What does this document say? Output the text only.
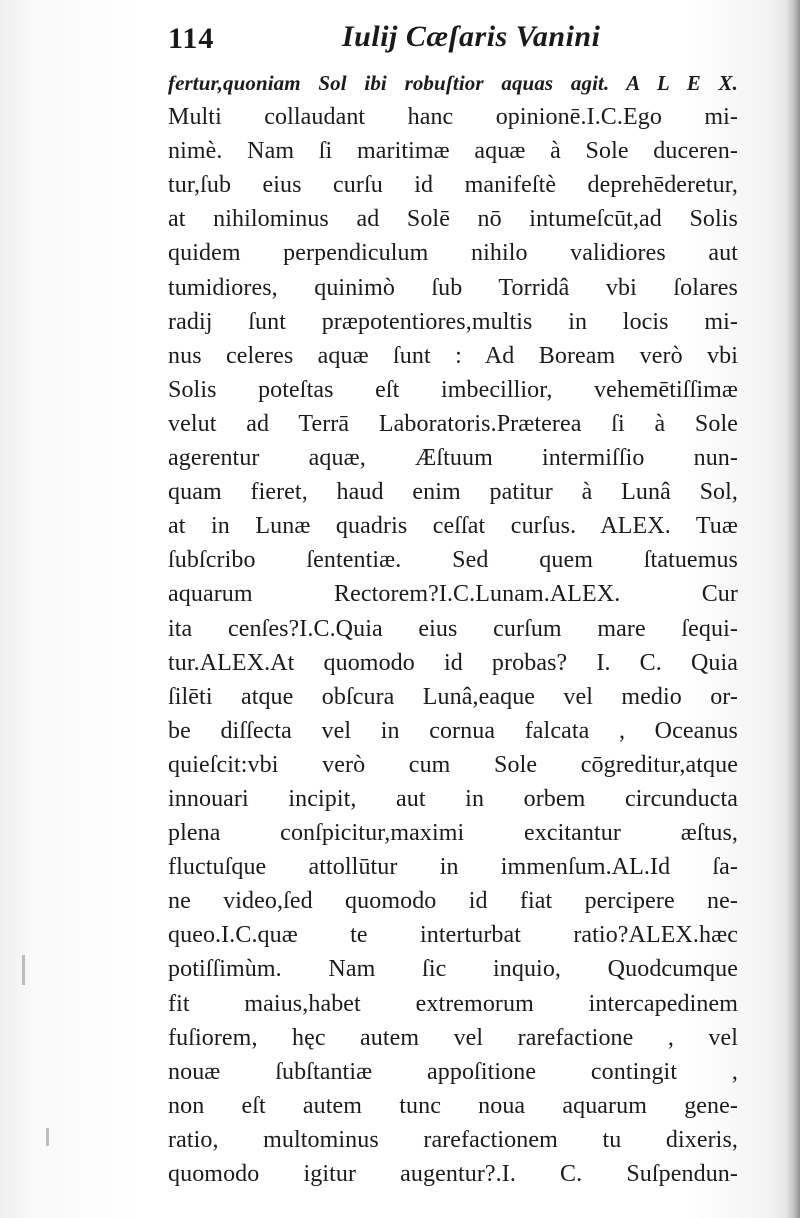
114	Iulij Cæſaris Vanini
fertur,quoniam Sol ibi robuſtior aquas agit. A L E X.
Multi collaudant hanc opinionē.I.C.Ego mi-
nimè. Nam ſi maritimæ aquæ à Sole duceren-
tur,ſub eius curſu id manifeſtè deprehēderetur,
at nihilominus ad Solē nō intumeſcūt,ad Solis
quidem perpendiculum nihilo validiores aut
tumidiores, quinimò ſub Torridâ vbi ſolares
radij ſunt præpotentiores,multis in locis mi-
nus celeres aquæ ſunt : Ad Boream verò vbi
Solis poteſtas eſt imbecillior, vehemētiſſimæ
velut ad Terrā Laboratoris.Præterea ſi à Sole
agerentur aquæ, Æſtuum intermiſſio nun-
quam fieret, haud enim patitur à Lunâ Sol,
at in Lunæ quadris ceſſat curſus. ALEX. Tuæ
ſubſcribo ſententiæ. Sed quem ſtatuemus
aquarum Rectorem?I.C.Lunam.ALEX. Cur
ita cenſes?I.C.Quia eius curſum mare ſequi-
tur.ALEX.At quomodo id probas? I. C. Quia
ſilēti atque obſcura Lunâ,eaque vel medio or-
be diſſecta vel in cornua falcata , Oceanus
quieſcit:vbi verò cum Sole cōgreditur,atque
innouari incipit, aut in orbem circunducta
plena conſpicitur,maximi excitantur æſtus,
fluctuſque attollūtur in immenſum.AL.Id ſa-
ne video,ſed quomodo id fiat percipere ne-
queo.I.C.quæ te interturbat ratio?ALEX.hæc
potiſſimùm. Nam ſic inquio, Quodcumque
fit maius,habet extremorum intercapedinem
fuſiorem, hęc autem vel rarefactione , vel
nouæ ſubſtantiæ appoſitione contingit ,
non eſt autem tunc noua aquarum gene-
ratio, multominus rarefactionem tu dixeris,
quomodo igitur augentur?.I. C. Suſpendun-
